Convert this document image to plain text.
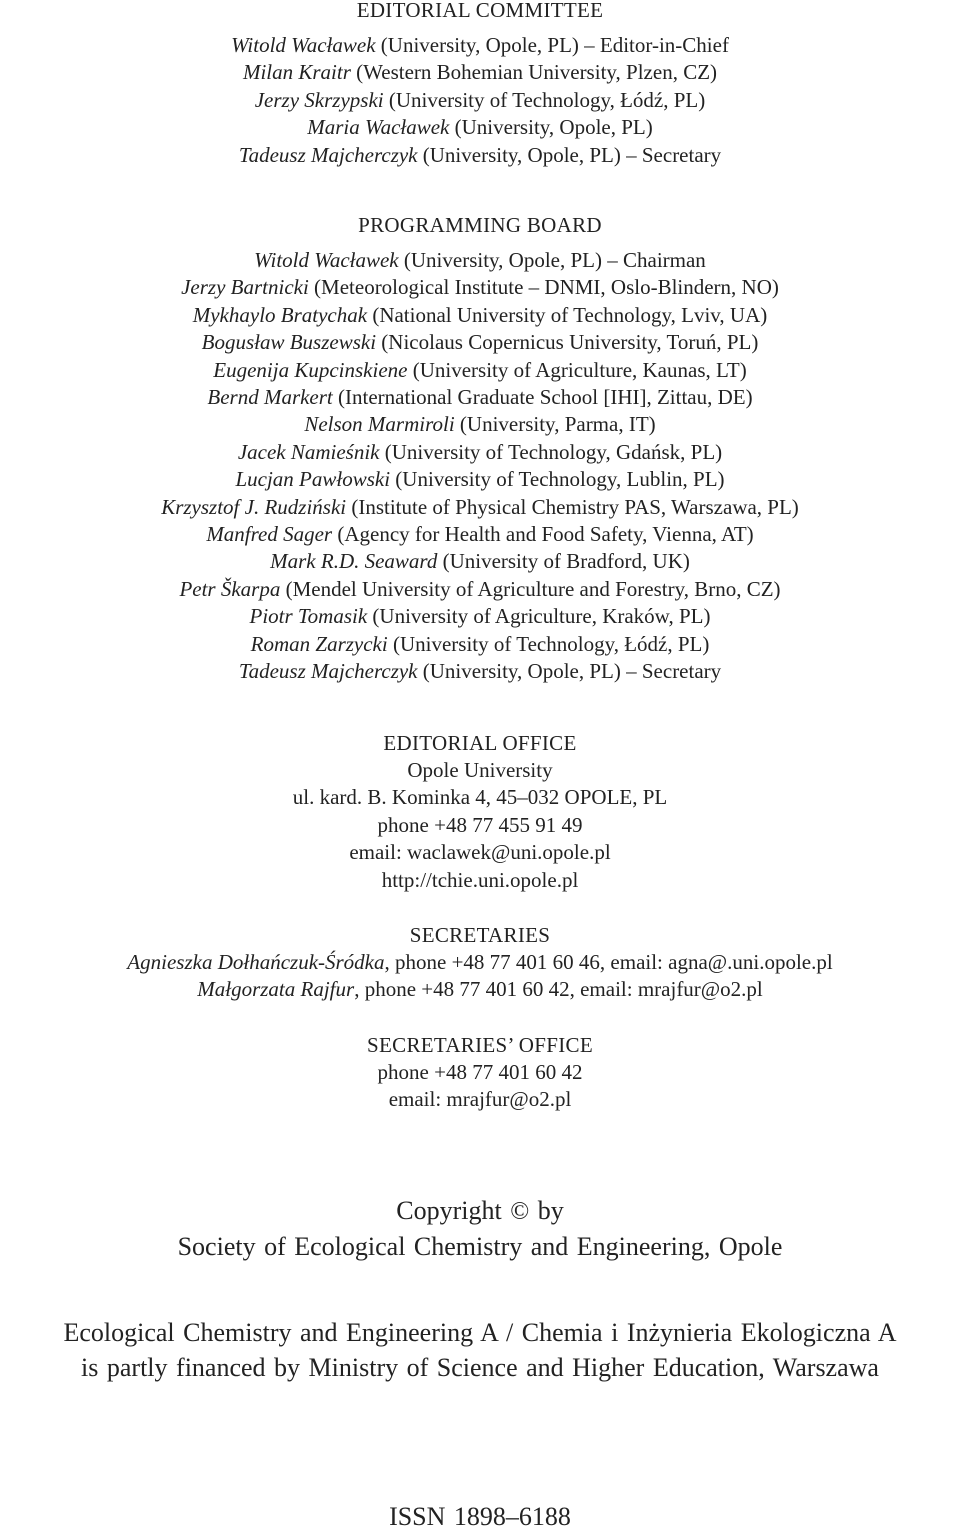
EDITORIAL COMMITTEE
Witold Wacławek (University, Opole, PL) – Editor-in-Chief
Milan Kraitr (Western Bohemian University, Plzen, CZ)
Jerzy Skrzypski (University of Technology, Łódź, PL)
Maria Wacławek (University, Opole, PL)
Tadeusz Majcherczyk (University, Opole, PL) – Secretary
PROGRAMMING BOARD
Witold Wacławek (University, Opole, PL) – Chairman
Jerzy Bartnicki (Meteorological Institute – DNMI, Oslo-Blindern, NO)
Mykhaylo Bratychak (National University of Technology, Lviv, UA)
Bogusław Buszewski (Nicolaus Copernicus University, Toruń, PL)
Eugenija Kupcinskiene (University of Agriculture, Kaunas, LT)
Bernd Markert (International Graduate School [IHI], Zittau, DE)
Nelson Marmiroli (University, Parma, IT)
Jacek Namieśnik (University of Technology, Gdańsk, PL)
Lucjan Pawłowski (University of Technology, Lublin, PL)
Krzysztof J. Rudziński (Institute of Physical Chemistry PAS, Warszawa, PL)
Manfred Sager (Agency for Health and Food Safety, Vienna, AT)
Mark R.D. Seaward (University of Bradford, UK)
Petr Škarpa (Mendel University of Agriculture and Forestry, Brno, CZ)
Piotr Tomasik (University of Agriculture, Kraków, PL)
Roman Zarzycki (University of Technology, Łódź, PL)
Tadeusz Majcherczyk (University, Opole, PL) – Secretary
EDITORIAL OFFICE
Opole University
ul. kard. B. Kominka 4, 45–032 OPOLE, PL
phone +48 77 455 91 49
email: waclawek@uni.opole.pl
http://tchie.uni.opole.pl
SECRETARIES
Agnieszka Dołhańczuk-Śródka, phone +48 77 401 60 46, email: agna@.uni.opole.pl
Małgorzata Rajfur, phone +48 77 401 60 42, email: mrajfur@o2.pl
SECRETARIES’ OFFICE
phone +48 77 401 60 42
email: mrajfur@o2.pl
Copyright © by
Society of Ecological Chemistry and Engineering, Opole
Ecological Chemistry and Engineering A / Chemia i Inżynieria Ekologiczna A
is partly financed by Ministry of Science and Higher Education, Warszawa
ISSN 1898–6188
